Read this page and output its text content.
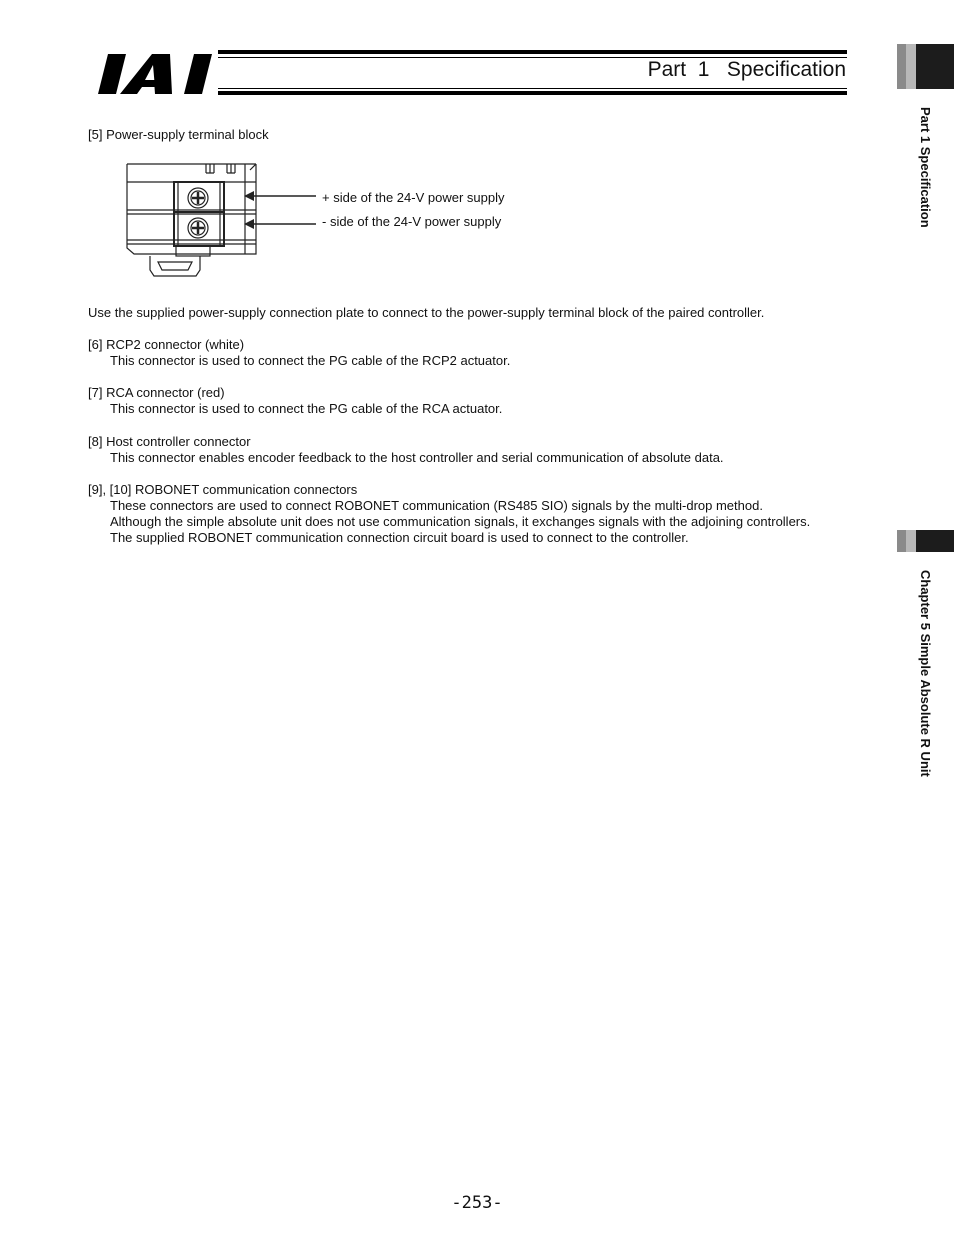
Part  1   Specification
Part 1 Specification
Chapter 5 Simple Absolute R Unit
[5] Power-supply terminal block
+ side of the 24-V power supply
- side of the 24-V power supply
Use the supplied power-supply connection plate to connect to the power-supply terminal block of the paired controller.
[6] RCP2 connector (white)
This connector is used to connect the PG cable of the RCP2 actuator.
[7] RCA connector (red)
This connector is used to connect the PG cable of the RCA actuator.
[8] Host controller connector
This connector enables encoder feedback to the host controller and serial communication of absolute data.
[9], [10] ROBONET communication connectors
These connectors are used to connect ROBONET communication (RS485 SIO) signals by the multi-drop method.
Although the simple absolute unit does not use communication signals, it exchanges signals with the adjoining controllers.
The supplied ROBONET communication connection circuit board is used to connect to the controller.
-253-
